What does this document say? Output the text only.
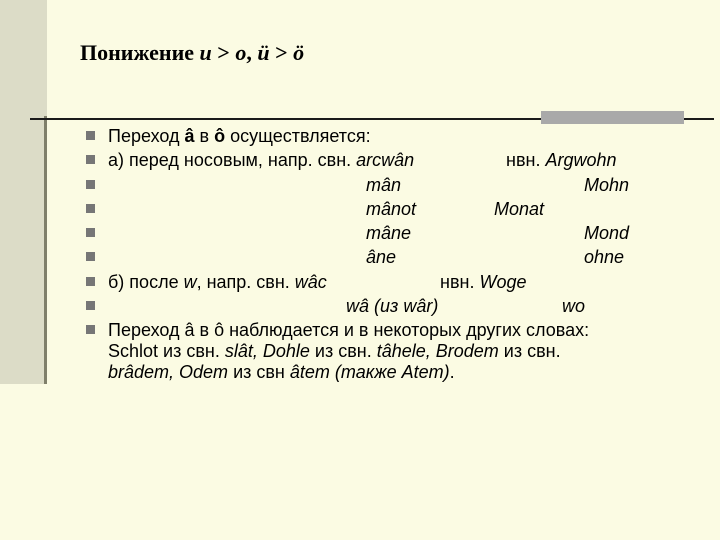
Понижение u > o, ü > ö
Переход â в ô осуществляется:
а) перед носовым, напр. свн. arcwân	нвн. Argwohn
mân	Mohn
mânot	Monat
mâne	Mond
âne	ohne
б) после w, напр. свн. wâc	нвн. Woge
wâ (из wâr)	wo
Переход â в ô наблюдается и в некоторых других словах:
Schlot из свн. slât, Dohle из свн. tâhele, Brodem из свн.
brâdem, Odem из свн âtem (также Atem).
